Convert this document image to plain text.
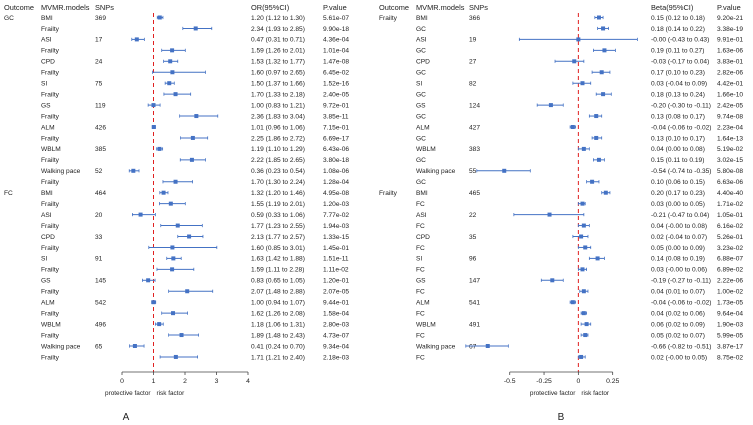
Outcome MVMR.models SNPs	OR(95%CI)	P.value
GC	BMI	369	1.20 (1.12 to 1.30)	5.61e-07
Frailty	2.34 (1.93 to 2.85)	9.90e-18
ASI	17	0.47 (0.31 to 0.71)	4.36e-04
Frailty	1.59 (1.26 to 2.01)	1.01e-04
CPD	24	1.53 (1.32 to 1.77)	1.47e-08
Frailty	1.60 (0.97 to 2.65)	6.45e-02
SI	75	1.50 (1.37 to 1.66)	1.52e-16
Frailty	1.70 (1.33 to 2.18)	2.40e-05
GS	119	1.00 (0.83 to 1.21)	9.72e-01
Frailty	2.36 (1.83 to 3.04)	3.85e-11
ALM	426	1.01 (0.96 to 1.06)	7.15e-01
Frailty	2.25 (1.86 to 2.72)	6.69e-17
WBLM	385	1.19 (1.10 to 1.29)	6.43e-06
Frailty	2.22 (1.85 to 2.65)	3.80e-18
Walking pace 52	0.36 (0.23 to 0.54)	1.08e-06
Frailty	1.70 (1.30 to 2.24)	1.28e-04
FC	BMI	464	1.32 (1.20 to 1.46)	4.95e-08
Frailty	1.55 (1.19 to 2.01)	1.20e-03
ASI	20	0.59 (0.33 to 1.06)	7.77e-02
Frailty	1.77 (1.23 to 2.55)	1.94e-03
CPD	33	2.13 (1.77 to 2.57)	1.33e-15
Frailty	1.60 (0.85 to 3.01)	1.45e-01
SI	91	1.63 (1.42 to 1.88)	1.51e-11
Frailty	1.59 (1.11 to 2.28)	1.11e-02
GS	145	0.83 (0.65 to 1.05)	1.20e-01
Frailty	2.07 (1.48 to 2.88)	2.07e-05
ALM	542	1.00 (0.94 to 1.07)	9.44e-01
Frailty	1.62 (1.26 to 2.08)	1.58e-04
WBLM	496	1.18 (1.06 to 1.31)	2.80e-03
Frailty	1.89 (1.48 to 2.43)	4.73e-07
Walking pace 65	0.41 (0.24 to 0.70)	9.34e-04
Frailty	1.71 (1.21 to 2.40)	2.18e-03
0	1	2	3	4
protective factor risk factor
A
Outcome MVMR.models SNPs	Beta(95%CI)	P.value
Frailty	BMI	366	0.15 (0.12 to 0.18) 9.20e-21
GC	0.18 (0.14 to 0.22) 3.38e-19
ASI	19	-0.00 (-0.43 to 0.43) 9.91e-01
GC	0.19 (0.11 to 0.27) 1.63e-06
CPD	27	-0.03 (-0.17 to 0.04) 3.83e-01
GC	0.17 (0.10 to 0.23) 2.82e-06
SI	82	0.03 (-0.04 to 0.09) 4.42e-01
GC	0.18 (0.13 to 0.24) 1.66e-10
GS	124	-0.20 (-0.30 to -0.11) 2.42e-05
GC	0.13 (0.08 to 0.17) 9.74e-08
ALM	427	-0.04 (-0.06 to -0.02) 2.23e-04
GC	0.13 (0.10 to 0.17) 1.64e-13
WBLM	383	0.04 (0.00 to 0.08) 5.19e-02
GC	0.15 (0.11 to 0.19) 3.02e-15
Walking pace 55	-0.54 (-0.74 to -0.35) 5.80e-08
GC	0.10 (0.06 to 0.15) 6.63e-06
Frailty	BMI	465	0.20 (0.17 to 0.23) 4.40e-40
FC	0.03 (0.00 to 0.05) 1.71e-02
ASI	22	-0.21 (-0.47 to 0.04) 1.05e-01
FC	0.04 (-0.00 to 0.08) 6.16e-02
CPD	35	0.02 (-0.04 to 0.07) 5.26e-01
FC	0.05 (0.00 to 0.09) 3.23e-02
SI	96	0.14 (0.08 to 0.19) 6.88e-07
FC	0.03 (-0.00 to 0.06) 6.89e-02
GS	147	-0.19 (-0.27 to -0.11) 2.22e-06
FC	0.04 (0.01 to 0.07) 1.00e-02
ALM	541	-0.04 (-0.06 to -0.02) 1.73e-05
FC	0.04 (0.02 to 0.06) 9.64e-04
WBLM	491	0.06 (0.02 to 0.09) 1.90e-03
FC	0.05 (0.02 to 0.07) 5.99e-05
Walking pace 67	-0.66 (-0.82 to -0.51) 3.87e-17
FC	0.02 (-0.00 to 0.05) 8.75e-02
-0.5	-0.25	0	0.25
protective factor risk factor
B
